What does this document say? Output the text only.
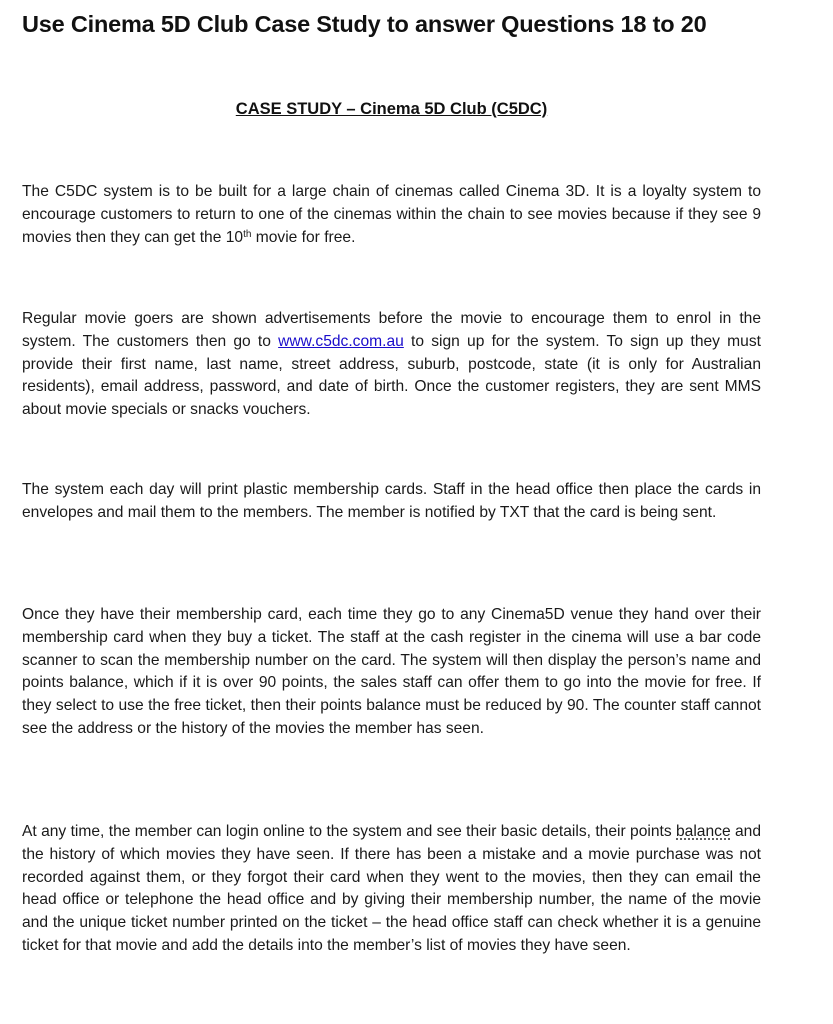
Use Cinema 5D Club Case Study to answer Questions 18 to 20
CASE STUDY – Cinema 5D Club (C5DC)

The C5DC system is to be built for a large chain of cinemas called Cinema 3D. It is a loyalty system to encourage customers to return to one of the cinemas within the chain to see movies because if they see 9 movies then they can get the 10th movie for free.

Regular movie goers are shown advertisements before the movie to encourage them to enrol in the system. The customers then go to www.c5dc.com.au to sign up for the system. To sign up they must provide their first name, last name, street address, suburb, postcode, state (it is only for Australian residents), email address, password, and date of birth. Once the customer registers, they are sent MMS about movie specials or snacks vouchers.

The system each day will print plastic membership cards. Staff in the head office then place the cards in envelopes and mail them to the members. The member is notified by TXT that the card is being sent.

Once they have their membership card, each time they go to any Cinema5D venue they hand over their membership card when they buy a ticket. The staff at the cash register in the cinema will use a bar code scanner to scan the membership number on the card. The system will then display the person’s name and points balance, which if it is over 90 points, the sales staff can offer them to go into the movie for free. If they select to use the free ticket, then their points balance must be reduced by 90. The counter staff cannot see the address or the history of the movies the member has seen.

At any time, the member can login online to the system and see their basic details, their points balance and the history of which movies they have seen. If there has been a mistake and a movie purchase was not recorded against them, or they forgot their card when they went to the movies, then they can email the head office or telephone the head office and by giving their membership number, the name of the movie and the unique ticket number printed on the ticket – the head office staff can check whether it is a genuine ticket for that movie and add the details into the member’s list of movies they have seen.
